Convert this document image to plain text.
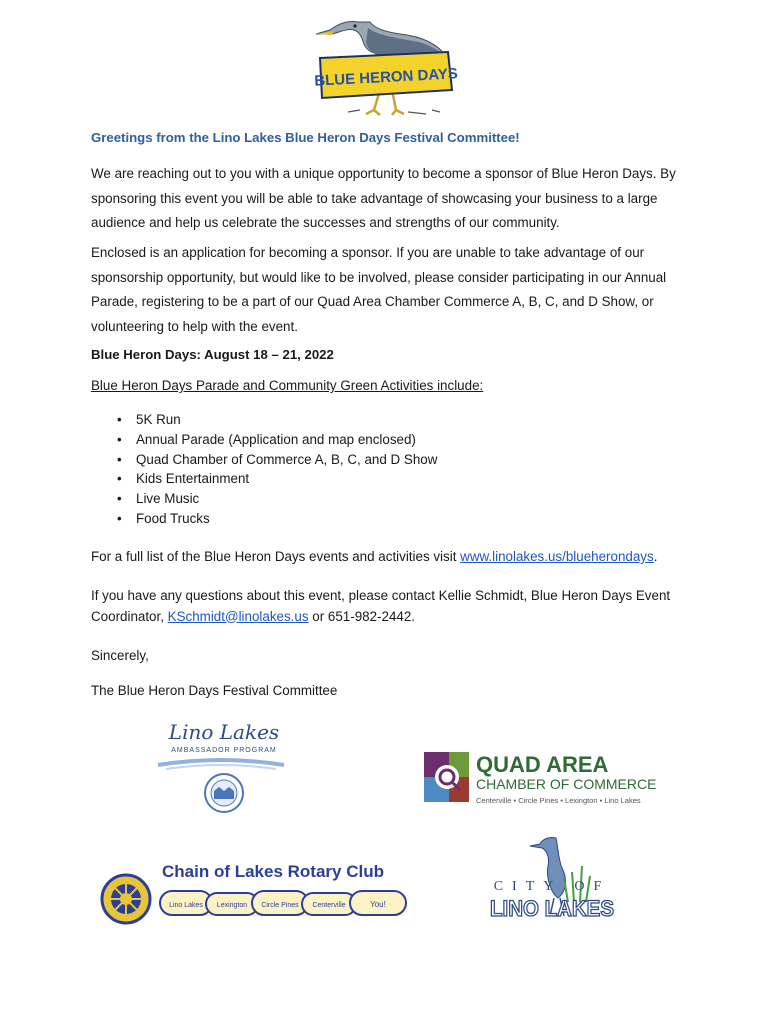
BLUE HERON DAYS
Greetings from the Lino Lakes Blue Heron Days Festival Committee!
We are reaching out to you with a unique opportunity to become a sponsor of Blue Heron Days. By sponsoring this event you will be able to take advantage of showcasing your business to a large audience and help us celebrate the successes and strengths of our community.
Enclosed is an application for becoming a sponsor. If you are unable to take advantage of our sponsorship opportunity, but would like to be involved, please consider participating in our Annual Parade, registering to be a part of our Quad Area Chamber Commerce A, B, C, and D Show, or volunteering to help with the event.
Blue Heron Days: August 18 – 21, 2022
Blue Heron Days Parade and Community Green Activities include:
• 5K Run
• Annual Parade (Application and map enclosed)
• Quad Chamber of Commerce A, B, C, and D Show
• Kids Entertainment
• Live Music
• Food Trucks
For a full list of the Blue Heron Days events and activities visit www.linolakes.us/blueherondays.
If you have any questions about this event, please contact Kellie Schmidt, Blue Heron Days Event Coordinator, KSchmidt@linolakes.us or 651-982-2442.
Sincerely,
The Blue Heron Days Festival Committee
Lino Lakes
AMBASSADOR PROGRAM
QUAD AREA
CHAMBER OF COMMERCE
Centerville • Circle Pines • Lexington • Lino Lakes
Chain of Lakes Rotary Club
Lino Lakes Lexington Circle Pines Centerville	You!
CITY OF
LINO LAKES
